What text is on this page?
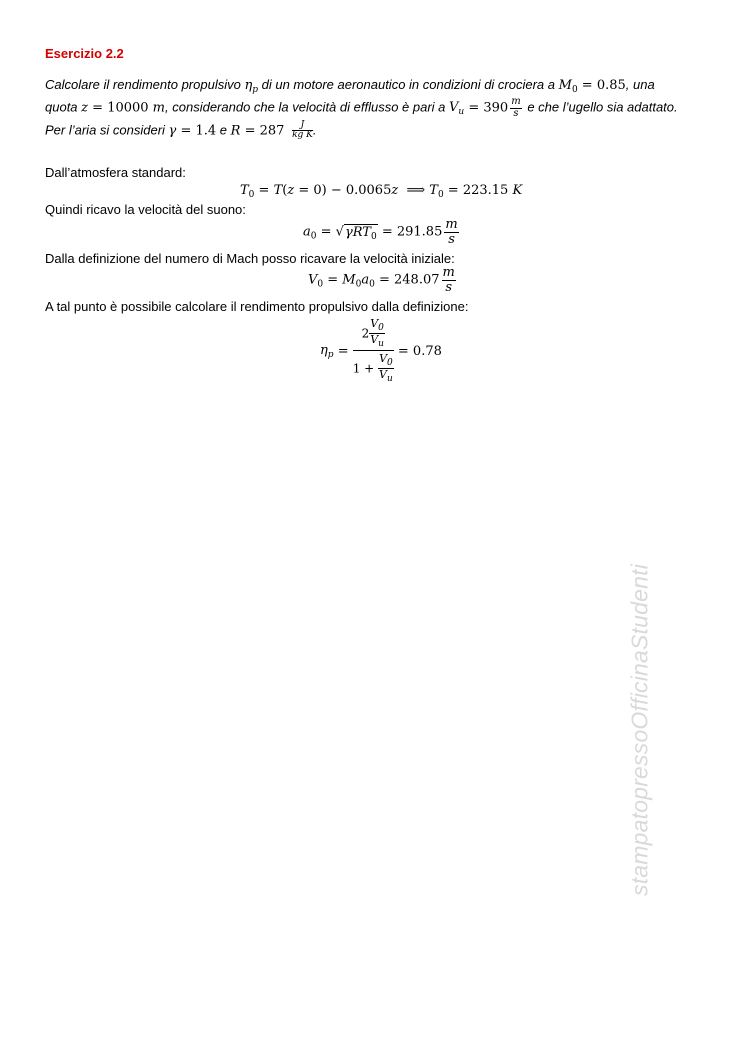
Esercizio 2.2
Calcolare il rendimento propulsivo $\eta_p$ di un motore aeronautico in condizioni di crociera a $M_0 = 0.85$, una
quota z = 10000 m, considerando che la velocità di efflusso è pari a $V_u = 390 \frac{m}{s}$ e che l’ugello sia adattato.
Per l’aria si consideri γ = 1.4 e $R = 287 \frac{J}{\text{kg K}}$ .
Dall’atmosfera standard:
$T_0 = T(z = 0) - 0.0065z$  ⟹ $T_0 = 223.15$ K
Quindi ricavo la velocità del suono:
$a_0 = √\gamma RT_0 = 291.85 \frac{m}{s}$
Dalla definizione del numero di Mach posso ricavare la velocità iniziale:
$V_0 = M_0a_0 = 248.07 \frac{m}{s}$
A tal punto è possibile calcolare il rendimento propulsivo dalla definizione:
$\eta_p = \frac{2 \frac{V_0}{V_u}}{1 + \frac{V_0}{V_u}} = 0.78$
stampatopressoOfficinaStudenti
